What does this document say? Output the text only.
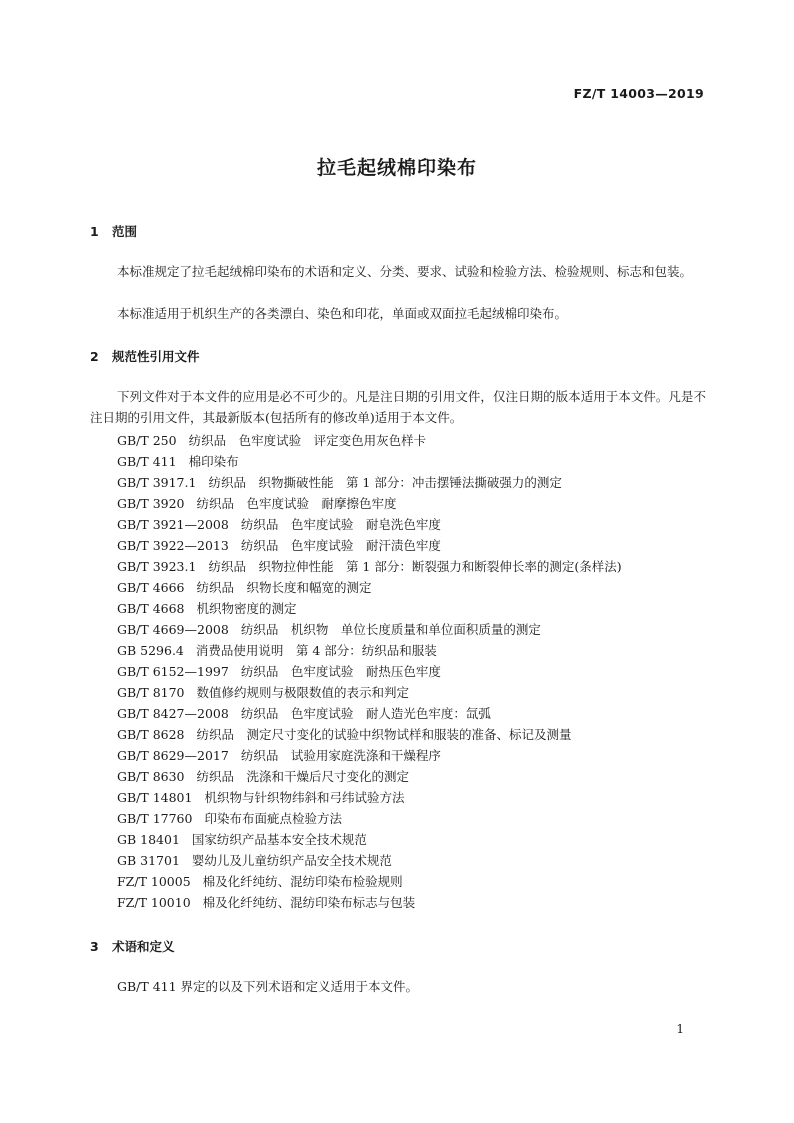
FZ/T 14003—2019
拉毛起绒棉印染布
1 范围

本标准规定了拉毛起绒棉印染布的术语和定义、分类、要求、试验和检验方法、检验规则、标志和包装。

本标准适用于机织生产的各类漂白、染色和印花，单面或双面拉毛起绒棉印染布。

2 规范性引用文件

下列文件对于本文件的应用是必不可少的。凡是注日期的引用文件，仅注日期的版本适用于本文件。凡是不注日期的引用文件，其最新版本(包括所有的修改单)适用于本文件。

GB/T 250 纺织品　色牢度试验　评定变色用灰色样卡
GB/T 411 棉印染布
GB/T 3917.1 纺织品　织物撕破性能　第 1 部分：冲击摆锤法撕破强力的测定
GB/T 3920 纺织品　色牢度试验　耐摩擦色牢度
GB/T 3921—2008 纺织品　色牢度试验　耐皂洗色牢度
GB/T 3922—2013 纺织品　色牢度试验　耐汗渍色牢度
GB/T 3923.1 纺织品　织物拉伸性能　第 1 部分：断裂强力和断裂伸长率的测定(条样法)
GB/T 4666 纺织品　织物长度和幅宽的测定
GB/T 4668 机织物密度的测定
GB/T 4669—2008 纺织品　机织物　单位长度质量和单位面积质量的测定
GB 5296.4 消费品使用说明　第 4 部分：纺织品和服装
GB/T 6152—1997 纺织品　色牢度试验　耐热压色牢度
GB/T 8170 数值修约规则与极限数值的表示和判定
GB/T 8427—2008 纺织品　色牢度试验　耐人造光色牢度：氙弧
GB/T 8628 纺织品　测定尺寸变化的试验中织物试样和服装的准备、标记及测量
GB/T 8629—2017 纺织品　试验用家庭洗涤和干燥程序
GB/T 8630 纺织品　洗涤和干燥后尺寸变化的测定
GB/T 14801 机织物与针织物纬斜和弓纬试验方法
GB/T 17760 印染布布面疵点检验方法
GB 18401 国家纺织产品基本安全技术规范
GB 31701 婴幼儿及儿童纺织产品安全技术规范
FZ/T 10005 棉及化纤纯纺、混纺印染布检验规则
FZ/T 10010 棉及化纤纯纺、混纺印染布标志与包装
3 术语和定义

GB/T 411 界定的以及下列术语和定义适用于本文件。

1
